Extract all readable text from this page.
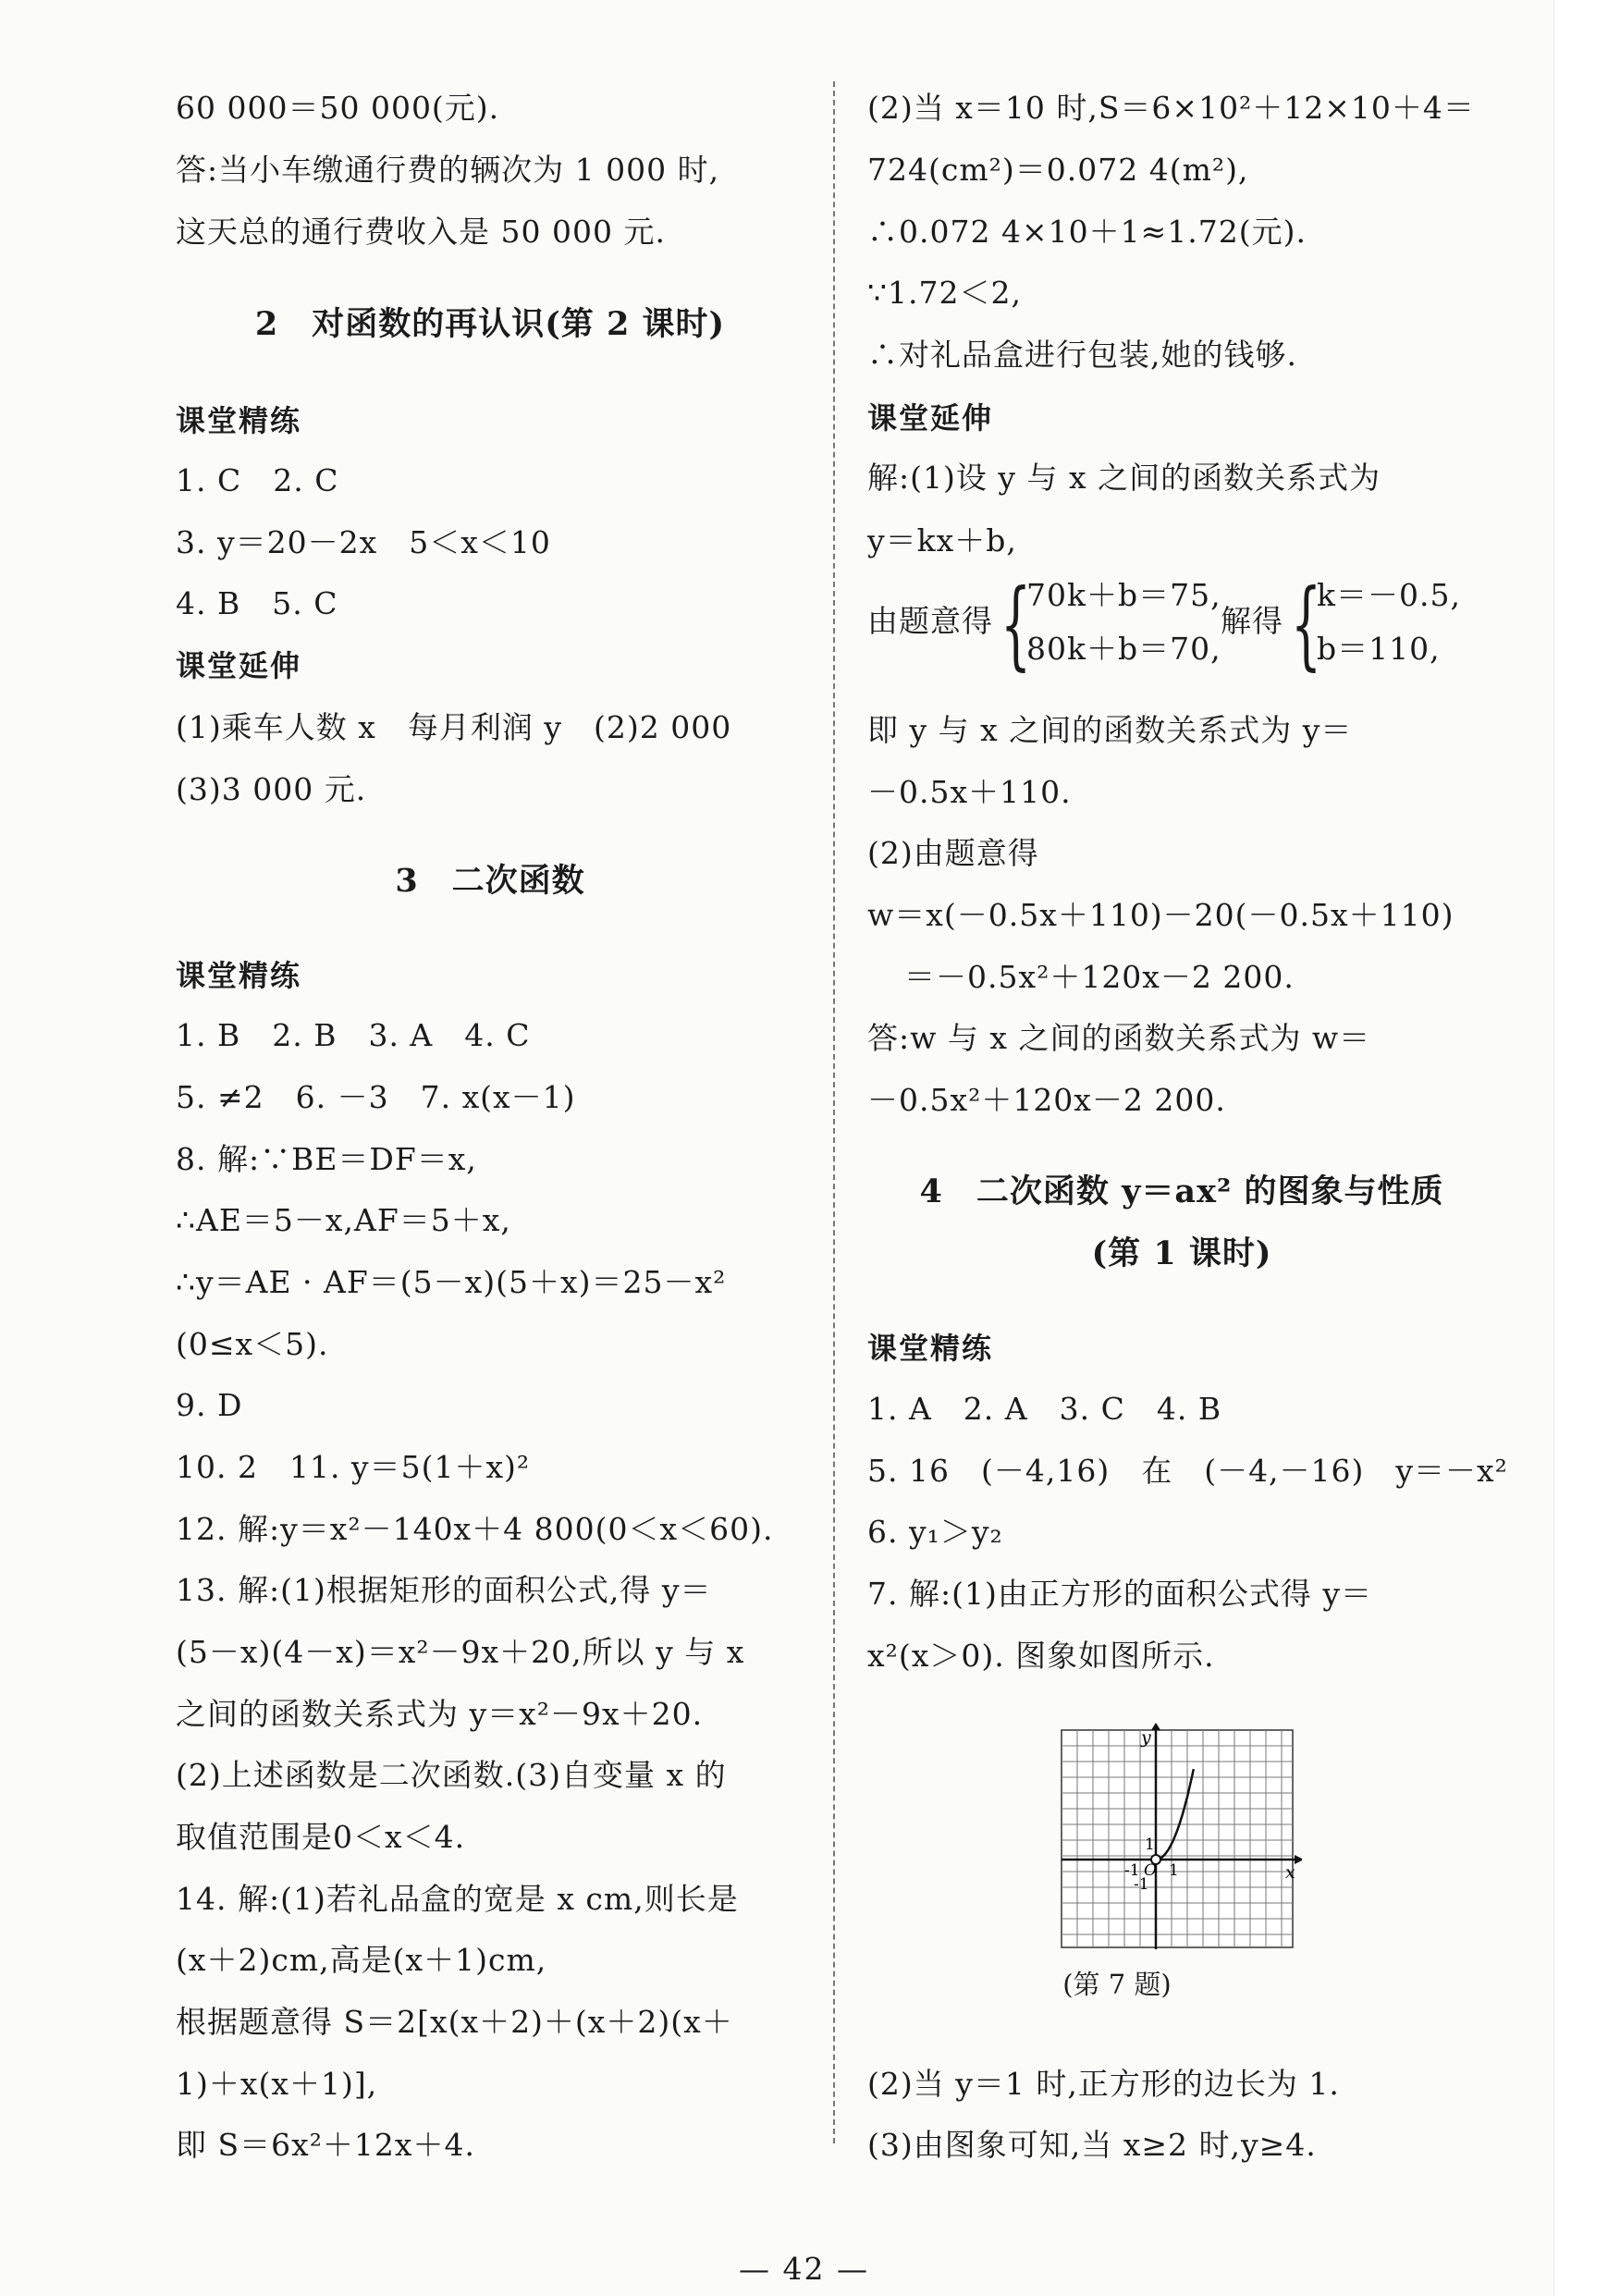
60 000＝50 000(元).
答:当小车缴通行费的辆次为 1 000 时,
这天总的通行费收入是 50 000 元.
2　对函数的再认识(第 2 课时)
课堂精练
1. C　2. C
3. y＝20－2x　5＜x＜10
4. B　5. C
课堂延伸
(1)乘车人数 x　每月利润 y　(2)2 000
(3)3 000 元.
3　二次函数
课堂精练
1. B　2. B　3. A　4. C
5. ≠2　6. －3　7. x(x－1)
8. 解:∵BE＝DF＝x,
∴AE＝5－x,AF＝5＋x,
∴y＝AE · AF＝(5－x)(5＋x)＝25－x²
(0≤x＜5).
9. D
10. 2　11. y＝5(1＋x)²
12. 解:y＝x²－140x＋4 800(0＜x＜60).
13. 解:(1)根据矩形的面积公式,得 y＝
(5－x)(4－x)＝x²－9x＋20,所以 y 与 x
之间的函数关系式为 y＝x²－9x＋20.
(2)上述函数是二次函数.(3)自变量 x 的
取值范围是0＜x＜4.
14. 解:(1)若礼品盒的宽是 x cm,则长是
(x＋2)cm,高是(x＋1)cm,
根据题意得 S＝2[x(x＋2)＋(x＋2)(x＋
1)＋x(x＋1)],
即 S＝6x²＋12x＋4.
(2)当 x＝10 时,S＝6×10²＋12×10＋4＝
724(cm²)＝0.072 4(m²),
∴0.072 4×10＋1≈1.72(元).
∵1.72＜2,
∴对礼品盒进行包装,她的钱够.
课堂延伸
解:(1)设 y 与 x 之间的函数关系式为
y＝kx＋b,
由题意得 {
70k＋b＝75,
80k＋b＝70,
解得 {
k＝－0.5,
b＝110,
即 y 与 x 之间的函数关系式为 y＝
－0.5x＋110.
(2)由题意得
w＝x(－0.5x＋110)－20(－0.5x＋110)
＝－0.5x²＋120x－2 200.
答:w 与 x 之间的函数关系式为 w＝
－0.5x²＋120x－2 200.
4　二次函数 y＝ax² 的图象与性质
(第 1 课时)
课堂精练
1. A　2. A　3. C　4. B
5. 16　(－4,16)　在　(－4,－16)　y＝－x²
6. y₁＞y₂
7. 解:(1)由正方形的面积公式得 y＝
x²(x＞0). 图象如图所示.
y
x
1
-1 O 1
-1
(第 7 题)
(2)当 y＝1 时,正方形的边长为 1.
(3)由图象可知,当 x≥2 时,y≥4.
— 42 —
